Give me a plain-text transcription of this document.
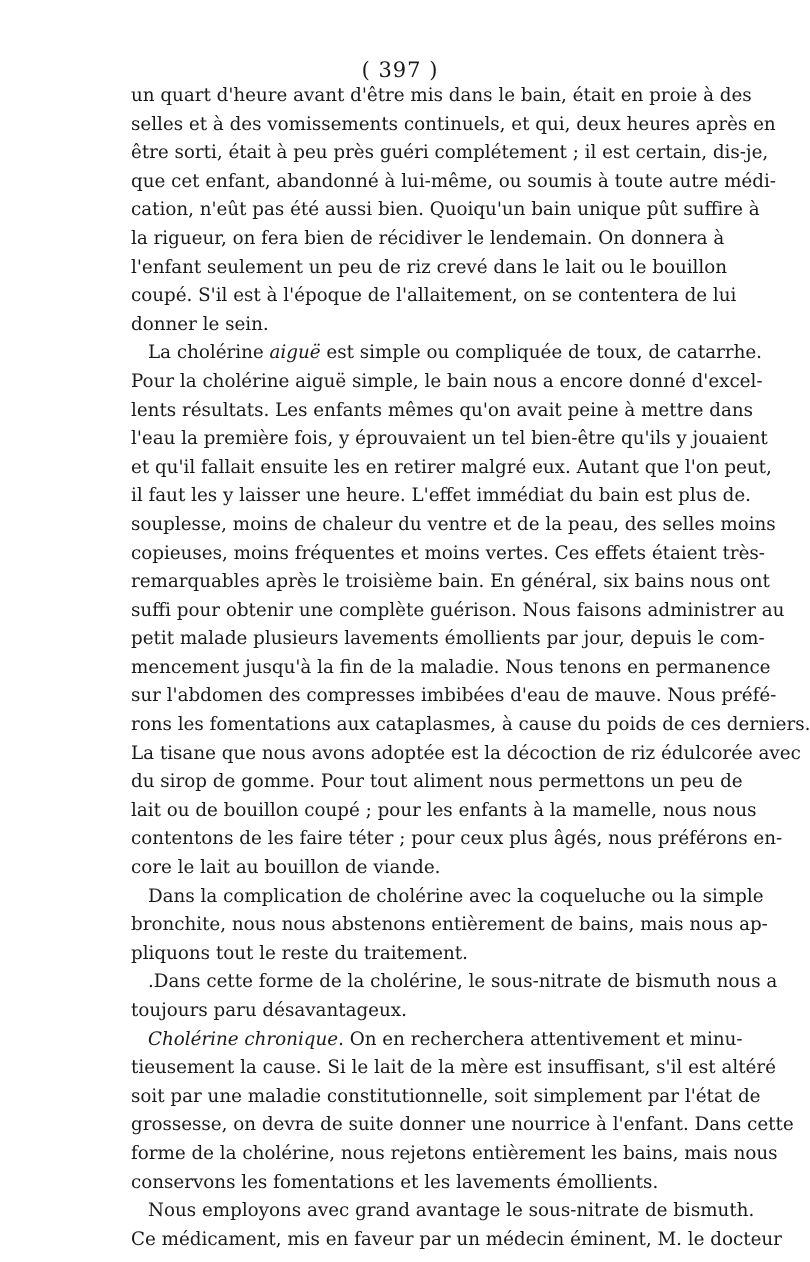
( 397 )
un quart d'heure avant d'être mis dans le bain, était en proie à des
selles et à des vomissements continuels, et qui, deux heures après en
être sorti, était à peu près guéri complétement ; il est certain, dis-je,
que cet enfant, abandonné à lui-même, ou soumis à toute autre médi-
cation, n'eût pas été aussi bien. Quoiqu'un bain unique pût suffire à
la rigueur, on fera bien de récidiver le lendemain. On donnera à
l'enfant seulement un peu de riz crevé dans le lait ou le bouillon
coupé. S'il est à l'époque de l'allaitement, on se contentera de lui
donner le sein.
La cholérine aiguë est simple ou compliquée de toux, de catarrhe.
Pour la cholérine aiguë simple, le bain nous a encore donné d'excel-
lents résultats. Les enfants mêmes qu'on avait peine à mettre dans
l'eau la première fois, y éprouvaient un tel bien-être qu'ils y jouaient
et qu'il fallait ensuite les en retirer malgré eux. Autant que l'on peut,
il faut les y laisser une heure. L'effet immédiat du bain est plus de.
souplesse, moins de chaleur du ventre et de la peau, des selles moins
copieuses, moins fréquentes et moins vertes. Ces effets étaient très-
remarquables après le troisième bain. En général, six bains nous ont
suffi pour obtenir une complète guérison. Nous faisons administrer au
petit malade plusieurs lavements émollients par jour, depuis le com-
mencement jusqu'à la fin de la maladie. Nous tenons en permanence
sur l'abdomen des compresses imbibées d'eau de mauve. Nous préfé-
rons les fomentations aux cataplasmes, à cause du poids de ces derniers.
La tisane que nous avons adoptée est la décoction de riz édulcorée avec
du sirop de gomme. Pour tout aliment nous permettons un peu de
lait ou de bouillon coupé ; pour les enfants à la mamelle, nous nous
contentons de les faire téter ; pour ceux plus âgés, nous préférons en-
core le lait au bouillon de viande.
Dans la complication de cholérine avec la coqueluche ou la simple
bronchite, nous nous abstenons entièrement de bains, mais nous ap-
pliquons tout le reste du traitement.
.Dans cette forme de la cholérine, le sous-nitrate de bismuth nous a
toujours paru désavantageux.
Cholérine chronique. On en recherchera attentivement et minu-
tieusement la cause. Si le lait de la mère est insuffisant, s'il est altéré
soit par une maladie constitutionnelle, soit simplement par l'état de
grossesse, on devra de suite donner une nourrice à l'enfant. Dans cette
forme de la cholérine, nous rejetons entièrement les bains, mais nous
conservons les fomentations et les lavements émollients.
Nous employons avec grand avantage le sous-nitrate de bismuth.
Ce médicament, mis en faveur par un médecin éminent, M. le docteur
